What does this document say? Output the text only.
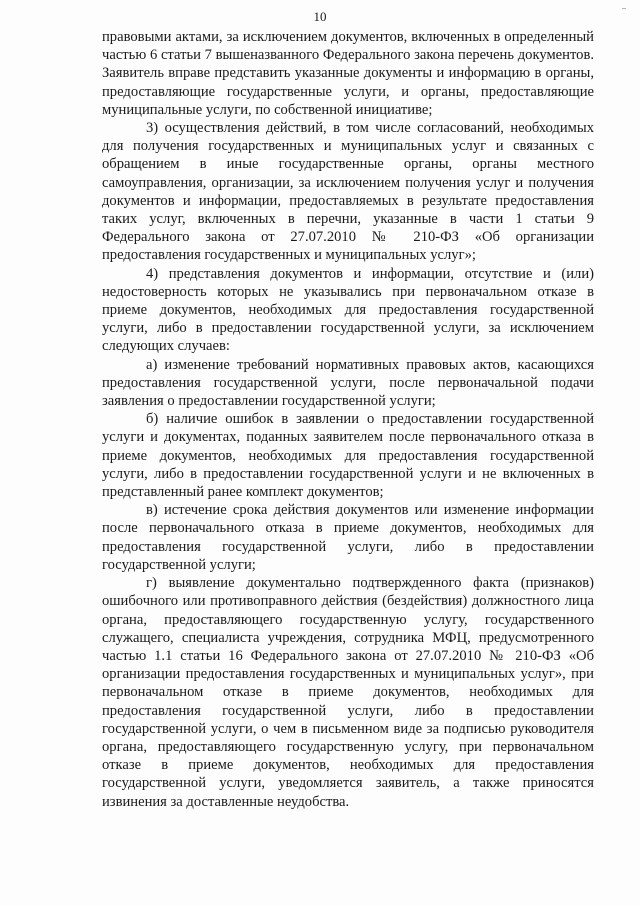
10

правовыми актами, за исключением документов, включенных в определенный частью 6 статьи 7 вышеназванного Федерального закона перечень документов. Заявитель вправе представить указанные документы и информацию в органы, предоставляющие государственные услуги, и органы, предоставляющие муниципальные услуги, по собственной инициативе;

3) осуществления действий, в том числе согласований, необходимых для получения государственных и муниципальных услуг и связанных с обращением в иные государственные органы, органы местного самоуправления, организации, за исключением получения услуг и получения документов и информации, предоставляемых в результате предоставления таких услуг, включенных в перечни, указанные в части 1 статьи 9 Федерального закона от 27.07.2010 № 210-ФЗ «Об организации предоставления государственных и муниципальных услуг»;

4) представления документов и информации, отсутствие и (или) недостоверность которых не указывались при первоначальном отказе в приеме документов, необходимых для предоставления государственной услуги, либо в предоставлении государственной услуги, за исключением следующих случаев:

а) изменение требований нормативных правовых актов, касающихся предоставления государственной услуги, после первоначальной подачи заявления о предоставлении государственной услуги;

б) наличие ошибок в заявлении о предоставлении государственной услуги и документах, поданных заявителем после первоначального отказа в приеме документов, необходимых для предоставления государственной услуги, либо в предоставлении государственной услуги и не включенных в представленный ранее комплект документов;

в) истечение срока действия документов или изменение информации после первоначального отказа в приеме документов, необходимых для предоставления государственной услуги, либо в предоставлении государственной услуги;

г) выявление документально подтвержденного факта (признаков) ошибочного или противоправного действия (бездействия) должностного лица органа, предоставляющего государственную услугу, государственного служащего, специалиста учреждения, сотрудника МФЦ, предусмотренного частью 1.1 статьи 16 Федерального закона от 27.07.2010 № 210-ФЗ «Об организации предоставления государственных и муниципальных услуг», при первоначальном отказе в приеме документов, необходимых для предоставления государственной услуги, либо в предоставлении государственной услуги, о чем в письменном виде за подписью руководителя органа, предоставляющего государственную услугу, при первоначальном отказе в приеме документов, необходимых для предоставления государственной услуги, уведомляется заявитель, а также приносятся извинения за доставленные неудобства.
